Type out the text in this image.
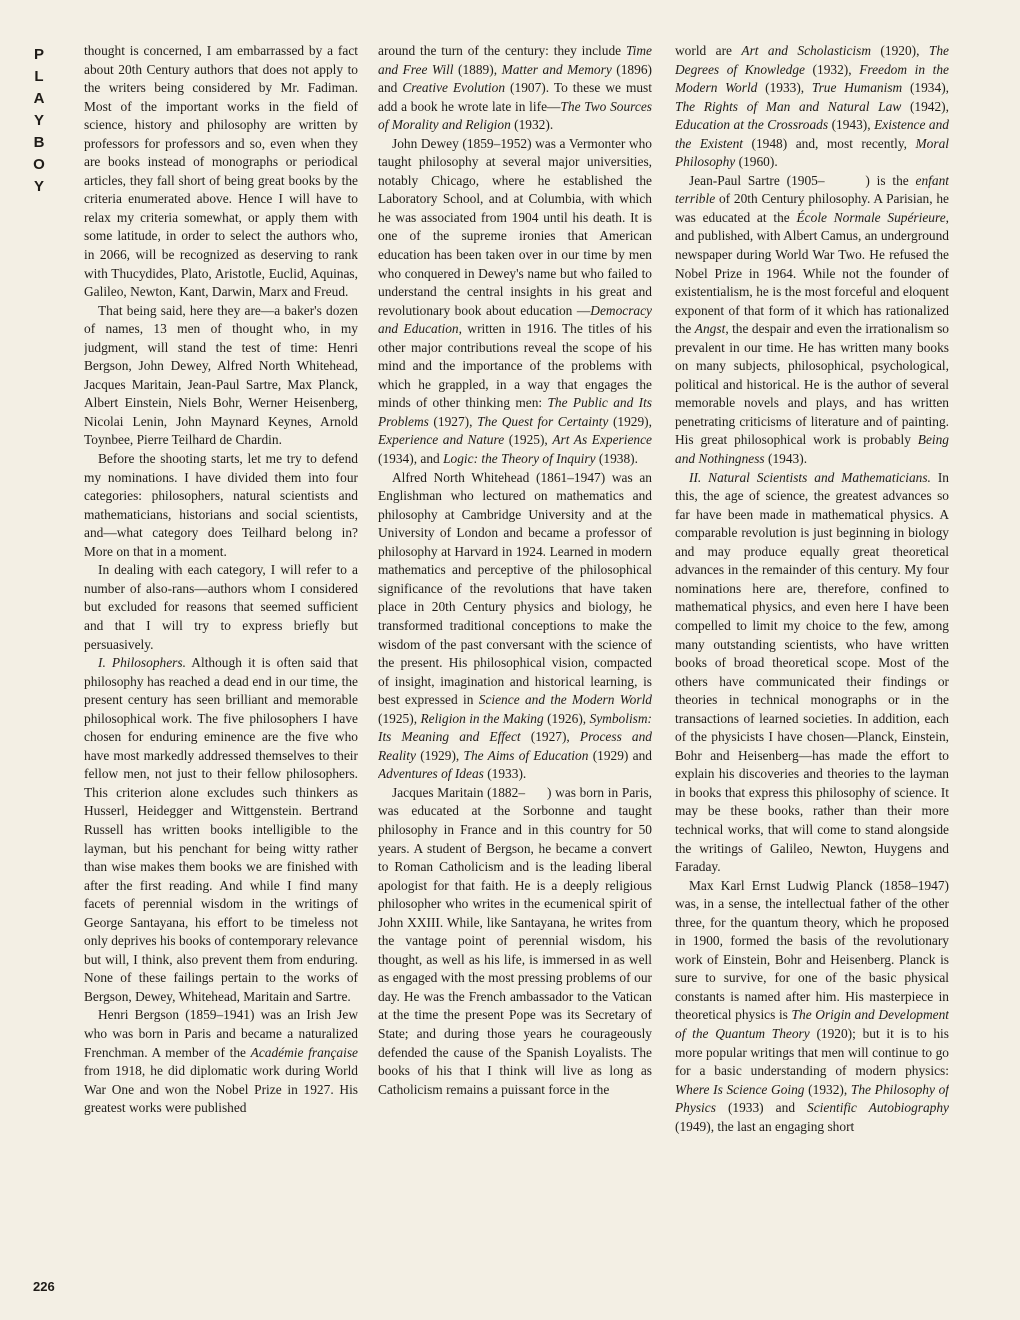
P
L
A
Y
B
O
Y
226

thought is concerned, I am embarrassed by a fact about 20th Century authors that does not apply to the writers being considered by Mr. Fadiman. Most of the important works in the field of science, history and philosophy are written by professors for professors and so, even when they are books instead of monographs or periodical articles, they fall short of being great books by the criteria enumerated above. Hence I will have to relax my criteria somewhat, or apply them with some latitude, in order to select the authors who, in 2066, will be recognized as deserving to rank with Thucydides, Plato, Aristotle, Euclid, Aquinas, Galileo, Newton, Kant, Darwin, Marx and Freud.

That being said, here they are—a baker's dozen of names, 13 men of thought who, in my judgment, will stand the test of time: Henri Bergson, John Dewey, Alfred North Whitehead, Jacques Maritain, Jean-Paul Sartre, Max Planck, Albert Einstein, Niels Bohr, Werner Heisenberg, Nicolai Lenin, John Maynard Keynes, Arnold Toynbee, Pierre Teilhard de Chardin.

Before the shooting starts, let me try to defend my nominations. I have divided them into four categories: philosophers, natural scientists and mathematicians, historians and social scientists, and—what category does Teilhard belong in? More on that in a moment.

In dealing with each category, I will refer to a number of also-rans—authors whom I considered but excluded for reasons that seemed sufficient and that I will try to express briefly but persuasively.

I. Philosophers. Although it is often said that philosophy has reached a dead end in our time, the present century has seen brilliant and memorable philosophical work. The five philosophers I have chosen for enduring eminence are the five who have most markedly addressed themselves to their fellow men, not just to their fellow philosophers. This criterion alone excludes such thinkers as Husserl, Heidegger and Wittgenstein. Bertrand Russell has written books intelligible to the layman, but his penchant for being witty rather than wise makes them books we are finished with after the first reading. And while I find many facets of perennial wisdom in the writings of George Santayana, his effort to be timeless not only deprives his books of contemporary relevance but will, I think, also prevent them from enduring. None of these failings pertain to the works of Bergson, Dewey, Whitehead, Maritain and Sartre.

Henri Bergson (1859–1941) was an Irish Jew who was born in Paris and became a naturalized Frenchman. A member of the Académie française from 1918, he did diplomatic work during World War One and won the Nobel Prize in 1927. His greatest works were published

around the turn of the century: they include Time and Free Will (1889), Matter and Memory (1896) and Creative Evolution (1907). To these we must add a book he wrote late in life—The Two Sources of Morality and Religion (1932).

John Dewey (1859–1952) was a Vermonter who taught philosophy at several major universities, notably Chicago, where he established the Laboratory School, and at Columbia, with which he was associated from 1904 until his death. It is one of the supreme ironies that American education has been taken over in our time by men who conquered in Dewey's name but who failed to understand the central insights in his great and revolutionary book about education —Democracy and Education, written in 1916. The titles of his other major contributions reveal the scope of his mind and the importance of the problems with which he grappled, in a way that engages the minds of other thinking men: The Public and Its Problems (1927), The Quest for Certainty (1929), Experience and Nature (1925), Art As Experience (1934), and Logic: the Theory of Inquiry (1938).

Alfred North Whitehead (1861–1947) was an Englishman who lectured on mathematics and philosophy at Cambridge University and at the University of London and became a professor of philosophy at Harvard in 1924. Learned in modern mathematics and perceptive of the philosophical significance of the revolutions that have taken place in 20th Century physics and biology, he transformed traditional conceptions to make the wisdom of the past conversant with the science of the present. His philosophical vision, compacted of insight, imagination and historical learning, is best expressed in Science and the Modern World (1925), Religion in the Making (1926), Symbolism: Its Meaning and Effect (1927), Process and Reality (1929), The Aims of Education (1929) and Adventures of Ideas (1933).

Jacques Maritain (1882–      ) was born in Paris, was educated at the Sorbonne and taught philosophy in France and in this country for 50 years. A student of Bergson, he became a convert to Roman Catholicism and is the leading liberal apologist for that faith. He is a deeply religious philosopher who writes in the ecumenical spirit of John XXIII. While, like Santayana, he writes from the vantage point of perennial wisdom, his thought, as well as his life, is immersed in as well as engaged with the most pressing problems of our day. He was the French ambassador to the Vatican at the time the present Pope was its Secretary of State; and during those years he courageously defended the cause of the Spanish Loyalists. The books of his that I think will live as long as Catholicism remains a puissant force in the

world are Art and Scholasticism (1920), The Degrees of Knowledge (1932), Freedom in the Modern World (1933), True Humanism (1934), The Rights of Man and Natural Law (1942), Education at the Crossroads (1943), Existence and the Existent (1948) and, most recently, Moral Philosophy (1960).

Jean-Paul Sartre (1905–      ) is the enfant terrible of 20th Century philosophy. A Parisian, he was educated at the École Normale Supérieure, and published, with Albert Camus, an underground newspaper during World War Two. He refused the Nobel Prize in 1964. While not the founder of existentialism, he is the most forceful and eloquent exponent of that form of it which has rationalized the Angst, the despair and even the irrationalism so prevalent in our time. He has written many books on many subjects, philosophical, psychological, political and historical. He is the author of several memorable novels and plays, and has written penetrating criticisms of literature and of painting. His great philosophical work is probably Being and Nothingness (1943).

II. Natural Scientists and Mathematicians. In this, the age of science, the greatest advances so far have been made in mathematical physics. A comparable revolution is just beginning in biology and may produce equally great theoretical advances in the remainder of this century. My four nominations here are, therefore, confined to mathematical physics, and even here I have been compelled to limit my choice to the few, among many outstanding scientists, who have written books of broad theoretical scope. Most of the others have communicated their findings or theories in technical monographs or in the transactions of learned societies. In addition, each of the physicists I have chosen—Planck, Einstein, Bohr and Heisenberg—has made the effort to explain his discoveries and theories to the layman in books that express this philosophy of science. It may be these books, rather than their more technical works, that will come to stand alongside the writings of Galileo, Newton, Huygens and Faraday.

Max Karl Ernst Ludwig Planck (1858–1947) was, in a sense, the intellectual father of the other three, for the quantum theory, which he proposed in 1900, formed the basis of the revolutionary work of Einstein, Bohr and Heisenberg. Planck is sure to survive, for one of the basic physical constants is named after him. His masterpiece in theoretical physics is The Origin and Development of the Quantum Theory (1920); but it is to his more popular writings that men will continue to go for a basic understanding of modern physics: Where Is Science Going (1932), The Philosophy of Physics (1933) and Scientific Autobiography (1949), the last an engaging short
